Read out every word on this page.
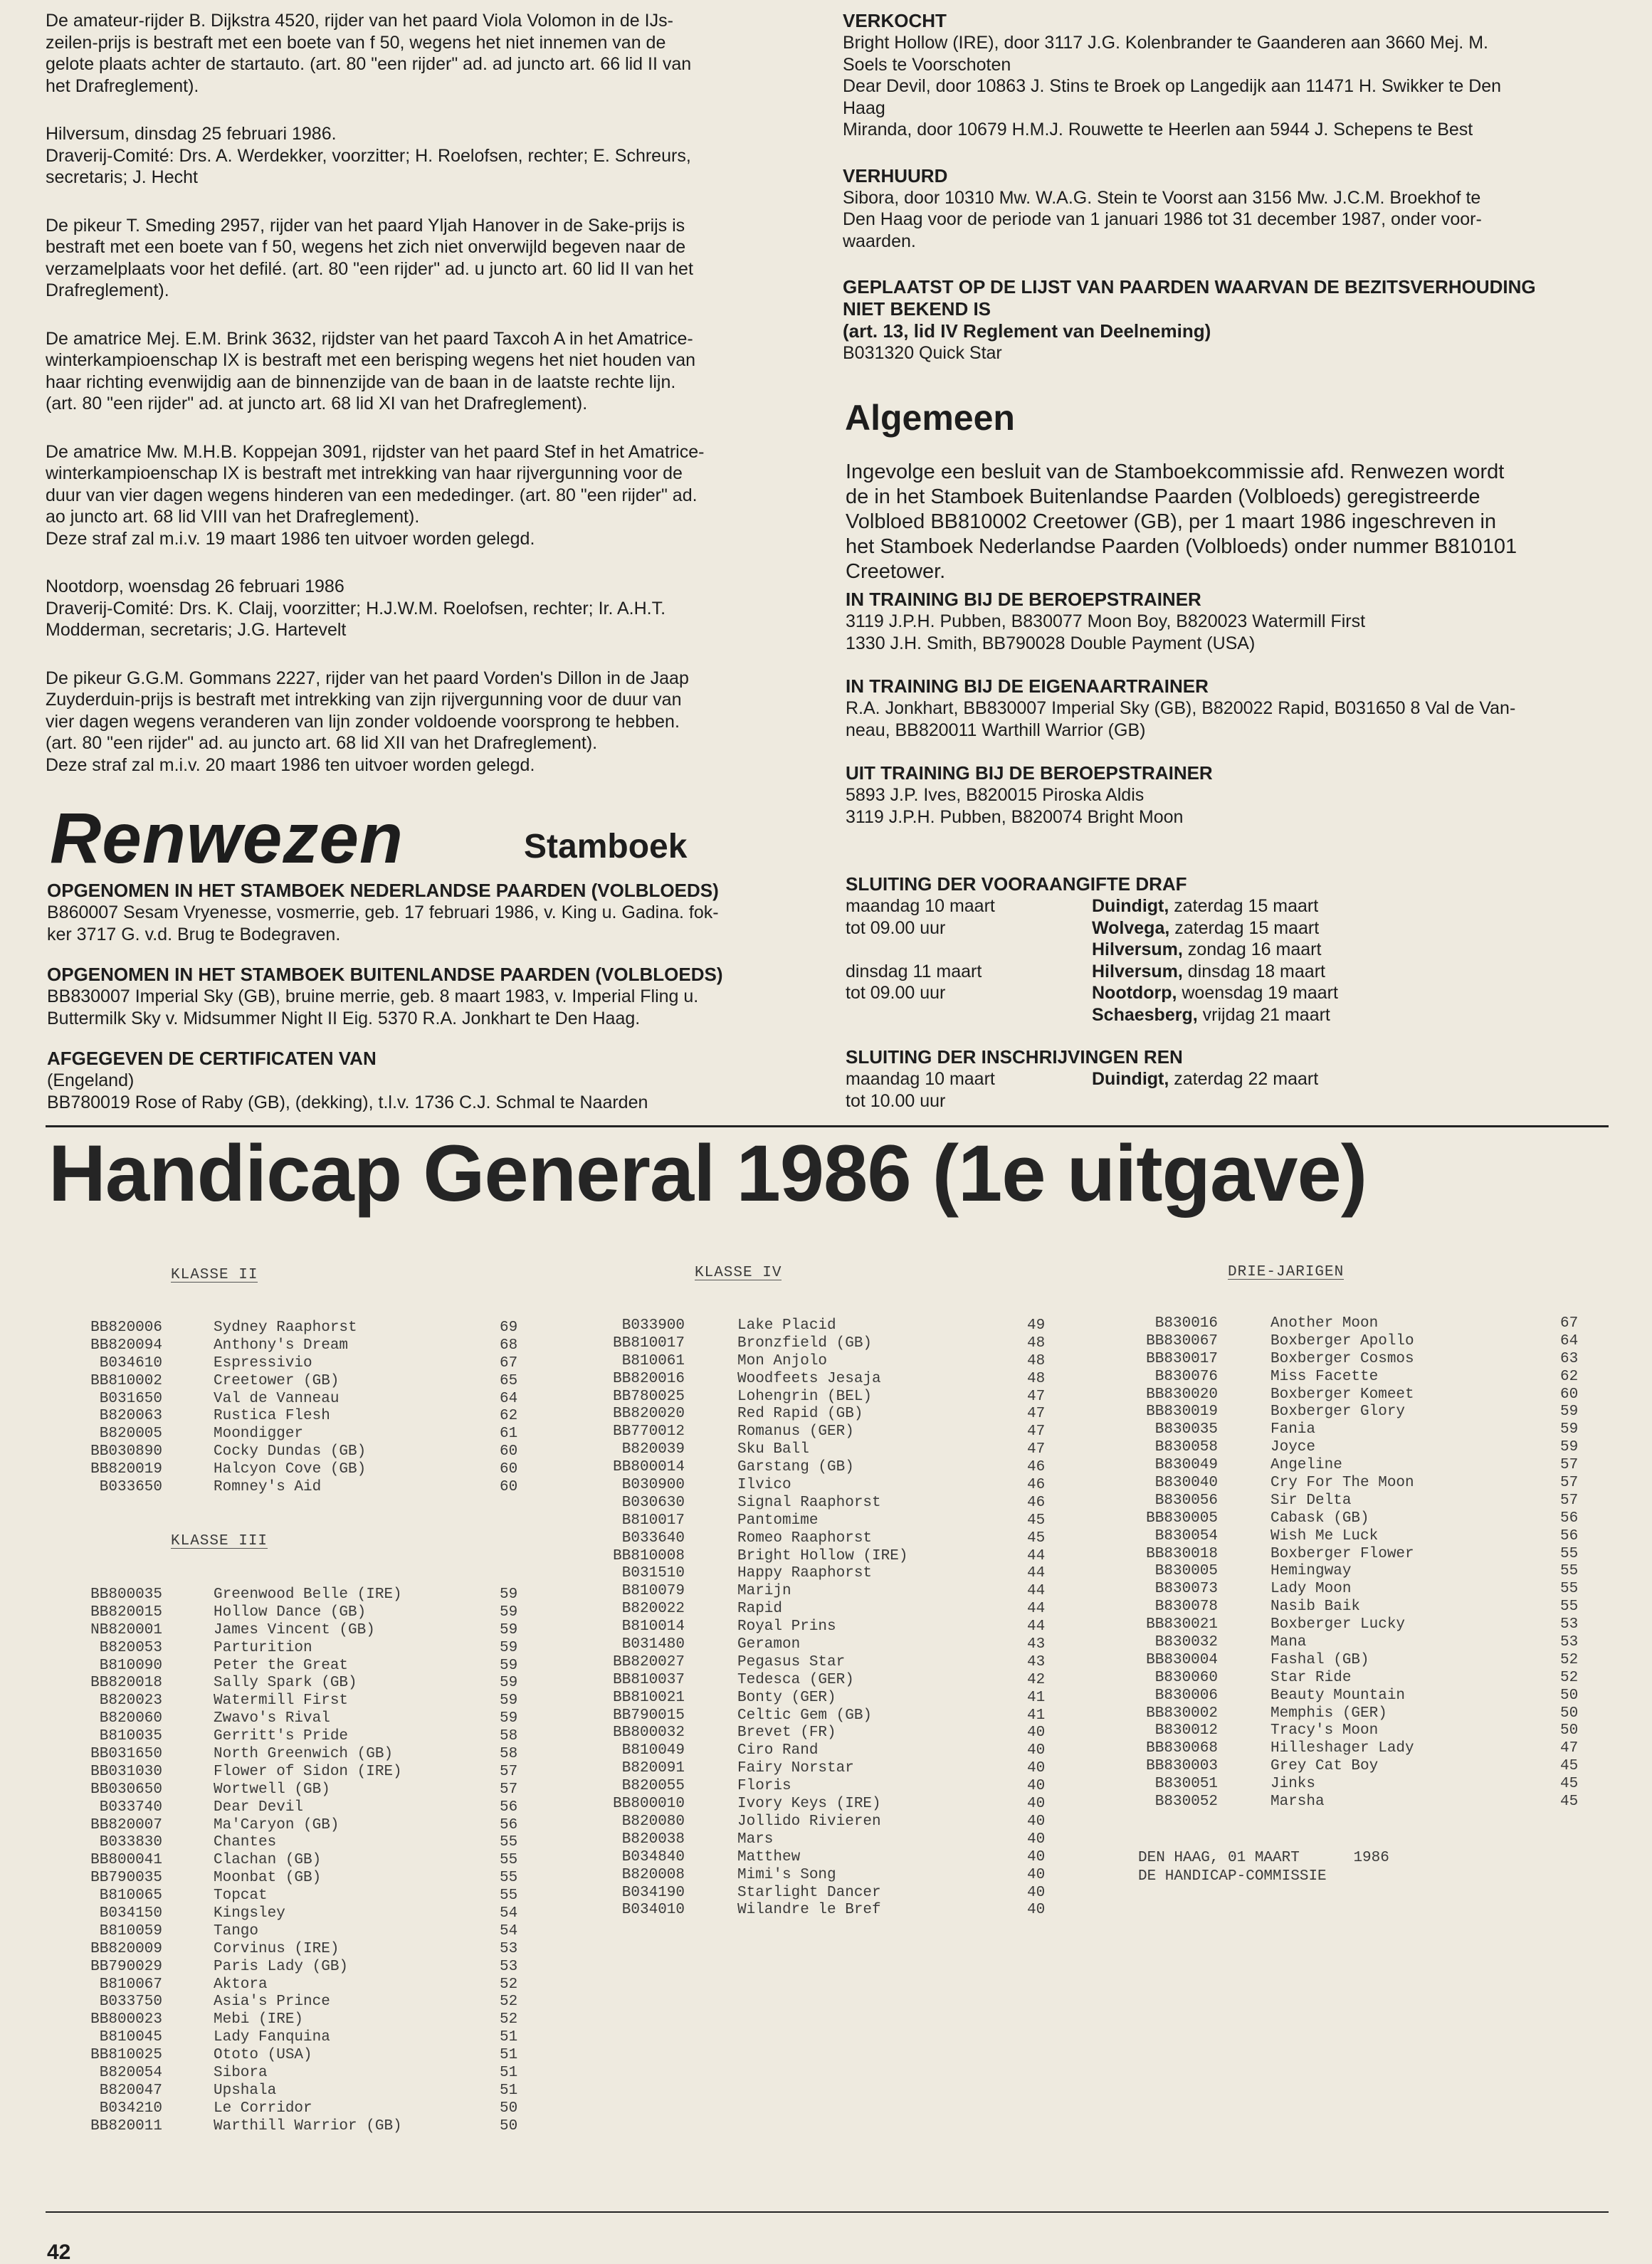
De amateur-rijder B. Dijkstra 4520, rijder van het paard Viola Volomon in de IJs-
zeilen-prijs is bestraft met een boete van f 50, wegens het niet innemen van de
gelote plaats achter de startauto. (art. 80 "een rijder" ad. ad juncto art. 66 lid II van
het Drafreglement).
Hilversum, dinsdag 25 februari 1986.
Draverij-Comité: Drs. A. Werdekker, voorzitter; H. Roelofsen, rechter; E. Schreurs,
secretaris; J. Hecht
De pikeur T. Smeding 2957, rijder van het paard Yljah Hanover in de Sake-prijs is
bestraft met een boete van f 50, wegens het zich niet onverwijld begeven naar de
verzamelplaats voor het defilé. (art. 80 "een rijder" ad. u juncto art. 60 lid II van het
Drafreglement).
De amatrice Mej. E.M. Brink 3632, rijdster van het paard Taxcoh A in het Amatrice-
winterkampioenschap IX is bestraft met een berisping wegens het niet houden van
haar richting evenwijdig aan de binnenzijde van de baan in de laatste rechte lijn.
(art. 80 "een rijder" ad. at juncto art. 68 lid XI van het Drafreglement).
De amatrice Mw. M.H.B. Koppejan 3091, rijdster van het paard Stef in het Amatrice-
winterkampioenschap IX is bestraft met intrekking van haar rijvergunning voor de
duur van vier dagen wegens hinderen van een mededinger. (art. 80 "een rijder" ad.
ao juncto art. 68 lid VIII van het Drafreglement).
Deze straf zal m.i.v. 19 maart 1986 ten uitvoer worden gelegd.
Nootdorp, woensdag 26 februari 1986
Draverij-Comité: Drs. K. Claij, voorzitter; H.J.W.M. Roelofsen, rechter; Ir. A.H.T.
Modderman, secretaris; J.G. Hartevelt
De pikeur G.G.M. Gommans 2227, rijder van het paard Vorden's Dillon in de Jaap
Zuyderduin-prijs is bestraft met intrekking van zijn rijvergunning voor de duur van
vier dagen wegens veranderen van lijn zonder voldoende voorsprong te hebben.
(art. 80 "een rijder" ad. au juncto art. 68 lid XII van het Drafreglement).
Deze straf zal m.i.v. 20 maart 1986 ten uitvoer worden gelegd.
VERKOCHT
Bright Hollow (IRE), door 3117 J.G. Kolenbrander te Gaanderen aan 3660 Mej. M.
Soels te Voorschoten
Dear Devil, door 10863 J. Stins te Broek op Langedijk aan 11471 H. Swikker te Den
Haag
Miranda, door 10679 H.M.J. Rouwette te Heerlen aan 5944 J. Schepens te Best
VERHUURD
Sibora, door 10310 Mw. W.A.G. Stein te Voorst aan 3156 Mw. J.C.M. Broekhof te
Den Haag voor de periode van 1 januari 1986 tot 31 december 1987, onder voor-
waarden.
GEPLAATST OP DE LIJST VAN PAARDEN WAARVAN DE BEZITSVERHOUDING
NIET BEKEND IS
(art. 13, lid IV Reglement van Deelneming)
B031320 Quick Star
Algemeen
Ingevolge een besluit van de Stamboekcommissie afd. Renwezen wordt
de in het Stamboek Buitenlandse Paarden (Volbloeds) geregistreerde
Volbloed BB810002 Creetower (GB), per 1 maart 1986 ingeschreven in
het Stamboek Nederlandse Paarden (Volbloeds) onder nummer B810101
Creetower.
IN TRAINING BIJ DE BEROEPSTRAINER
3119 J.P.H. Pubben, B830077 Moon Boy, B820023 Watermill First
1330 J.H. Smith, BB790028 Double Payment (USA)
IN TRAINING BIJ DE EIGENAARTRAINER
R.A. Jonkhart, BB830007 Imperial Sky (GB), B820022 Rapid, B031650 8 Val de Van-
neau, BB820011 Warthill Warrior (GB)
UIT TRAINING BIJ DE BEROEPSTRAINER
5893 J.P. Ives, B820015 Piroska Aldis
3119 J.P.H. Pubben, B820074 Bright Moon
Renwezen	Stamboek
OPGENOMEN IN HET STAMBOEK NEDERLANDSE PAARDEN (VOLBLOEDS)
B860007 Sesam Vryenesse, vosmerrie, geb. 17 februari 1986, v. King u. Gadina. fok-
ker 3717 G. v.d. Brug te Bodegraven.
OPGENOMEN IN HET STAMBOEK BUITENLANDSE PAARDEN (VOLBLOEDS)
BB830007 Imperial Sky (GB), bruine merrie, geb. 8 maart 1983, v. Imperial Fling u.
Buttermilk Sky v. Midsummer Night II Eig. 5370 R.A. Jonkhart te Den Haag.
AFGEGEVEN DE CERTIFICATEN VAN
(Engeland)
BB780019 Rose of Raby (GB), (dekking), t.l.v. 1736 C.J. Schmal te Naarden
SLUITING DER VOORAANGIFTE DRAF
maandag 10 maart	Duindigt, zaterdag 15 maart
tot 09.00 uur	Wolvega, zaterdag 15 maart
Hilversum, zondag 16 maart
dinsdag 11 maart	Hilversum, dinsdag 18 maart
tot 09.00 uur	Nootdorp, woensdag 19 maart
Schaesberg, vrijdag 21 maart
SLUITING DER INSCHRIJVINGEN REN
maandag 10 maart	Duindigt, zaterdag 22 maart
tot 10.00 uur
Handicap General 1986 (1e uitgave)
KLASSE II
BB820006	Sydney Raaphorst	69
BB820094	Anthony's Dream	68
B034610	Espressivio	67
BB810002	Creetower (GB)	65
B031650	Val de Vanneau	64
B820063	Rustica Flesh	62
B820005	Moondigger	61
BB030890	Cocky Dundas (GB)	60
BB820019	Halcyon Cove (GB)	60
B033650	Romney's Aid	60
KLASSE III
BB800035	Greenwood Belle (IRE)	59
BB820015	Hollow Dance (GB)	59
NB820001	James Vincent (GB)	59
B820053	Parturition	59
B810090	Peter the Great	59
BB820018	Sally Spark (GB)	59
B820023	Watermill First	59
B820060	Zwavo's Rival	59
B810035	Gerritt's Pride	58
BB031650	North Greenwich (GB)	58
BB031030	Flower of Sidon (IRE)	57
BB030650	Wortwell (GB)	57
B033740	Dear Devil	56
BB820007	Ma'Caryon (GB)	56
B033830	Chantes	55
BB800041	Clachan (GB)	55
BB790035	Moonbat (GB)	55
B810065	Topcat	55
B034150	Kingsley	54
B810059	Tango	54
BB820009	Corvinus (IRE)	53
BB790029	Paris Lady (GB)	53
B810067	Aktora	52
B033750	Asia's Prince	52
BB800023	Mebi (IRE)	52
B810045	Lady Fanquina	51
BB810025	Ototo (USA)	51
B820054	Sibora	51
B820047	Upshala	51
B034210	Le Corridor	50
BB820011	Warthill Warrior (GB)	50
KLASSE IV
B033900	Lake Placid	49
BB810017	Bronzfield (GB)	48
B810061	Mon Anjolo	48
BB820016	Woodfeets Jesaja	48
BB780025	Lohengrin (BEL)	47
BB820020	Red Rapid (GB)	47
BB770012	Romanus (GER)	47
B820039	Sku Ball	47
BB800014	Garstang (GB)	46
B030900	Ilvico	46
B030630	Signal Raaphorst	46
B810017	Pantomime	45
B033640	Romeo Raaphorst	45
BB810008	Bright Hollow (IRE)	44
B031510	Happy Raaphorst	44
B810079	Marijn	44
B820022	Rapid	44
B810014	Royal Prins	44
B031480	Geramon	43
BB820027	Pegasus Star	43
BB810037	Tedesca (GER)	42
BB810021	Bonty (GER)	41
BB790015	Celtic Gem (GB)	41
BB800032	Brevet (FR)	40
B810049	Ciro Rand	40
B820091	Fairy Norstar	40
B820055	Floris	40
BB800010	Ivory Keys (IRE)	40
B820080	Jollido Rivieren	40
B820038	Mars	40
B034840	Matthew	40
B820008	Mimi's Song	40
B034190	Starlight Dancer	40
B034010	Wilandre le Bref	40
DRIE-JARIGEN
B830016	Another Moon	67
BB830067	Boxberger Apollo	64
BB830017	Boxberger Cosmos	63
B830076	Miss Facette	62
BB830020	Boxberger Komeet	60
BB830019	Boxberger Glory	59
B830035	Fania	59
B830058	Joyce	59
B830049	Angeline	57
B830040	Cry For The Moon	57
B830056	Sir Delta	57
BB830005	Cabask (GB)	56
B830054	Wish Me Luck	56
BB830018	Boxberger Flower	55
B830005	Hemingway	55
B830073	Lady Moon	55
B830078	Nasib Baik	55
BB830021	Boxberger Lucky	53
B830032	Mana	53
BB830004	Fashal (GB)	52
B830060	Star Ride	52
B830006	Beauty Mountain	50
BB830002	Memphis (GER)	50
B830012	Tracy's Moon	50
BB830068	Hilleshager Lady	47
BB830003	Grey Cat Boy	45
B830051	Jinks	45
B830052	Marsha	45
DEN HAAG, 01 MAART      1986
DE HANDICAP-COMMISSIE
42
